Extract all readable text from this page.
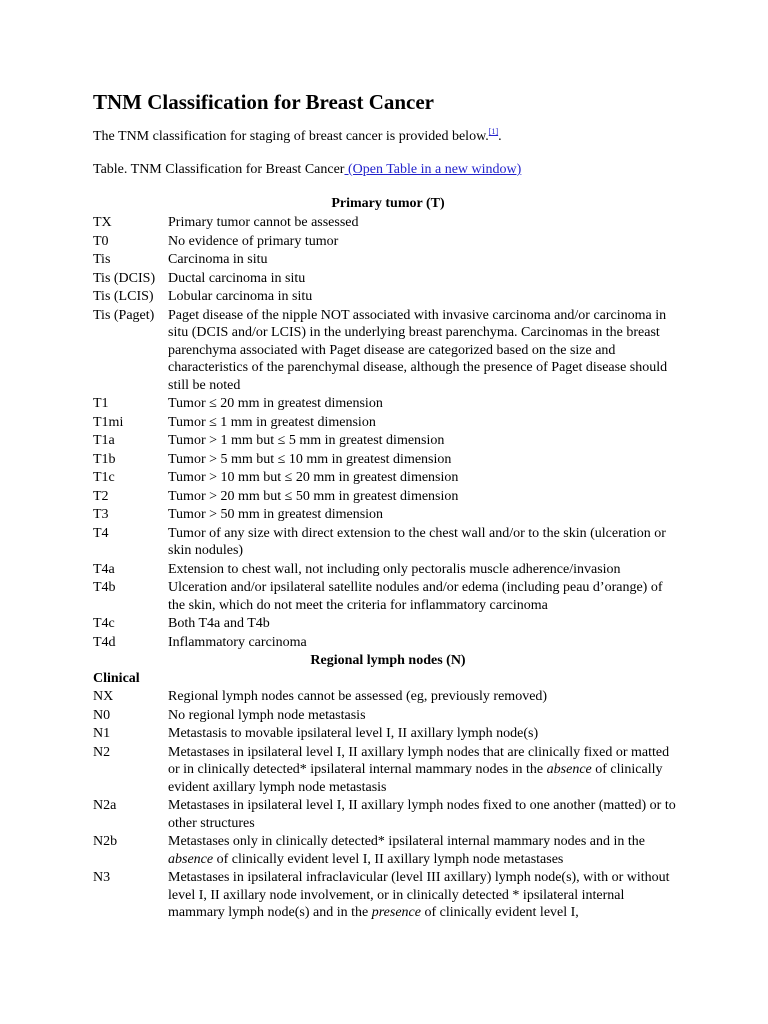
TNM Classification for Breast Cancer
The TNM classification for staging of breast cancer is provided below.[1].
Table. TNM Classification for Breast Cancer (Open Table in a new window)
Primary tumor (T)
TX	Primary tumor cannot be assessed
T0	No evidence of primary tumor
Tis	Carcinoma in situ
Tis (DCIS)	Ductal carcinoma in situ
Tis (LCIS)	Lobular carcinoma in situ
Tis (Paget)	Paget disease of the nipple NOT associated with invasive carcinoma and/or carcinoma in situ (DCIS and/or LCIS) in the underlying breast parenchyma. Carcinomas in the breast parenchyma associated with Paget disease are categorized based on the size and characteristics of the parenchymal disease, although the presence of Paget disease should still be noted
T1	Tumor ≤ 20 mm in greatest dimension
T1mi	Tumor ≤ 1 mm in greatest dimension
T1a	Tumor > 1 mm but ≤ 5 mm in greatest dimension
T1b	Tumor > 5 mm but ≤ 10 mm in greatest dimension
T1c	Tumor > 10 mm but ≤ 20 mm in greatest dimension
T2	Tumor > 20 mm but ≤ 50 mm in greatest dimension
T3	Tumor > 50 mm in greatest dimension
T4	Tumor of any size with direct extension to the chest wall and/or to the skin (ulceration or skin nodules)
T4a	Extension to chest wall, not including only pectoralis muscle adherence/invasion
T4b	Ulceration and/or ipsilateral satellite nodules and/or edema (including peau d’orange) of the skin, which do not meet the criteria for inflammatory carcinoma
T4c	Both T4a and T4b
T4d	Inflammatory carcinoma
Regional lymph nodes (N)
Clinical
NX	Regional lymph nodes cannot be assessed (eg, previously removed)
N0	No regional lymph node metastasis
N1	Metastasis to movable ipsilateral level I, II axillary lymph node(s)
N2	Metastases in ipsilateral level I, II axillary lymph nodes that are clinically fixed or matted or in clinically detected* ipsilateral internal mammary nodes in the absence of clinically evident axillary lymph node metastasis
N2a	Metastases in ipsilateral level I, II axillary lymph nodes fixed to one another (matted) or to other structures
N2b	Metastases only in clinically detected* ipsilateral internal mammary nodes and in the absence of clinically evident level I, II axillary lymph node metastases
N3	Metastases in ipsilateral infraclavicular (level III axillary) lymph node(s), with or without level I, II axillary node involvement, or in clinically detected * ipsilateral internal mammary lymph node(s) and in the presence of clinically evident level I,
